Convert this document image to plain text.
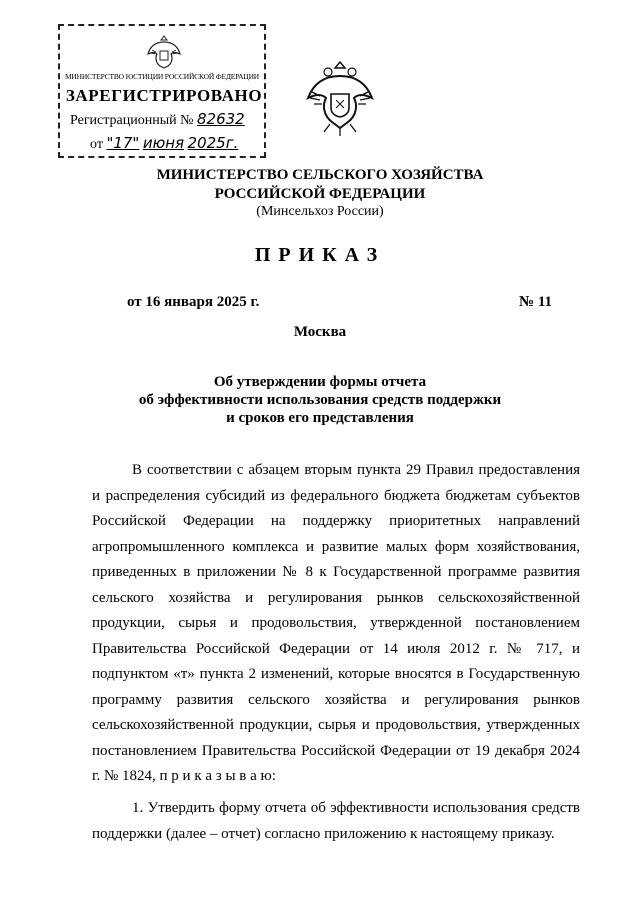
МИНИСТЕРСТВО ЮСТИЦИИ РОССИЙСКОЙ ФЕДЕРАЦИИ
ЗАРЕГИСТРИРОВАНО
Регистрационный № 82632
от "17" июня 2025г.
МИНИСТЕРСТВО СЕЛЬСКОГО ХОЗЯЙСТВА
РОССИЙСКОЙ ФЕДЕРАЦИИ
(Минсельхоз России)
ПРИКАЗ
от 16 января 2025 г.	№ 11
Москва
Об утверждении формы отчета
об эффективности использования средств поддержки
и сроков его представления
В соответствии с абзацем вторым пункта 29 Правил предоставления и распределения субсидий из федерального бюджета бюджетам субъектов Российской Федерации на поддержку приоритетных направлений агропромышленного комплекса и развитие малых форм хозяйствования, приведенных в приложении № 8 к Государственной программе развития сельского хозяйства и регулирования рынков сельскохозяйственной продукции, сырья и продовольствия, утвержденной постановлением Правительства Российской Федерации от 14 июля 2012 г. № 717, и подпунктом «т» пункта 2 изменений, которые вносятся в Государственную программу развития сельского хозяйства и регулирования рынков сельскохозяйственной продукции, сырья и продовольствия, утвержденных постановлением Правительства Российской Федерации от 19 декабря 2024 г. № 1824, п р и к а з ы в а ю:
1. Утвердить форму отчета об эффективности использования средств поддержки (далее – отчет) согласно приложению к настоящему приказу.
